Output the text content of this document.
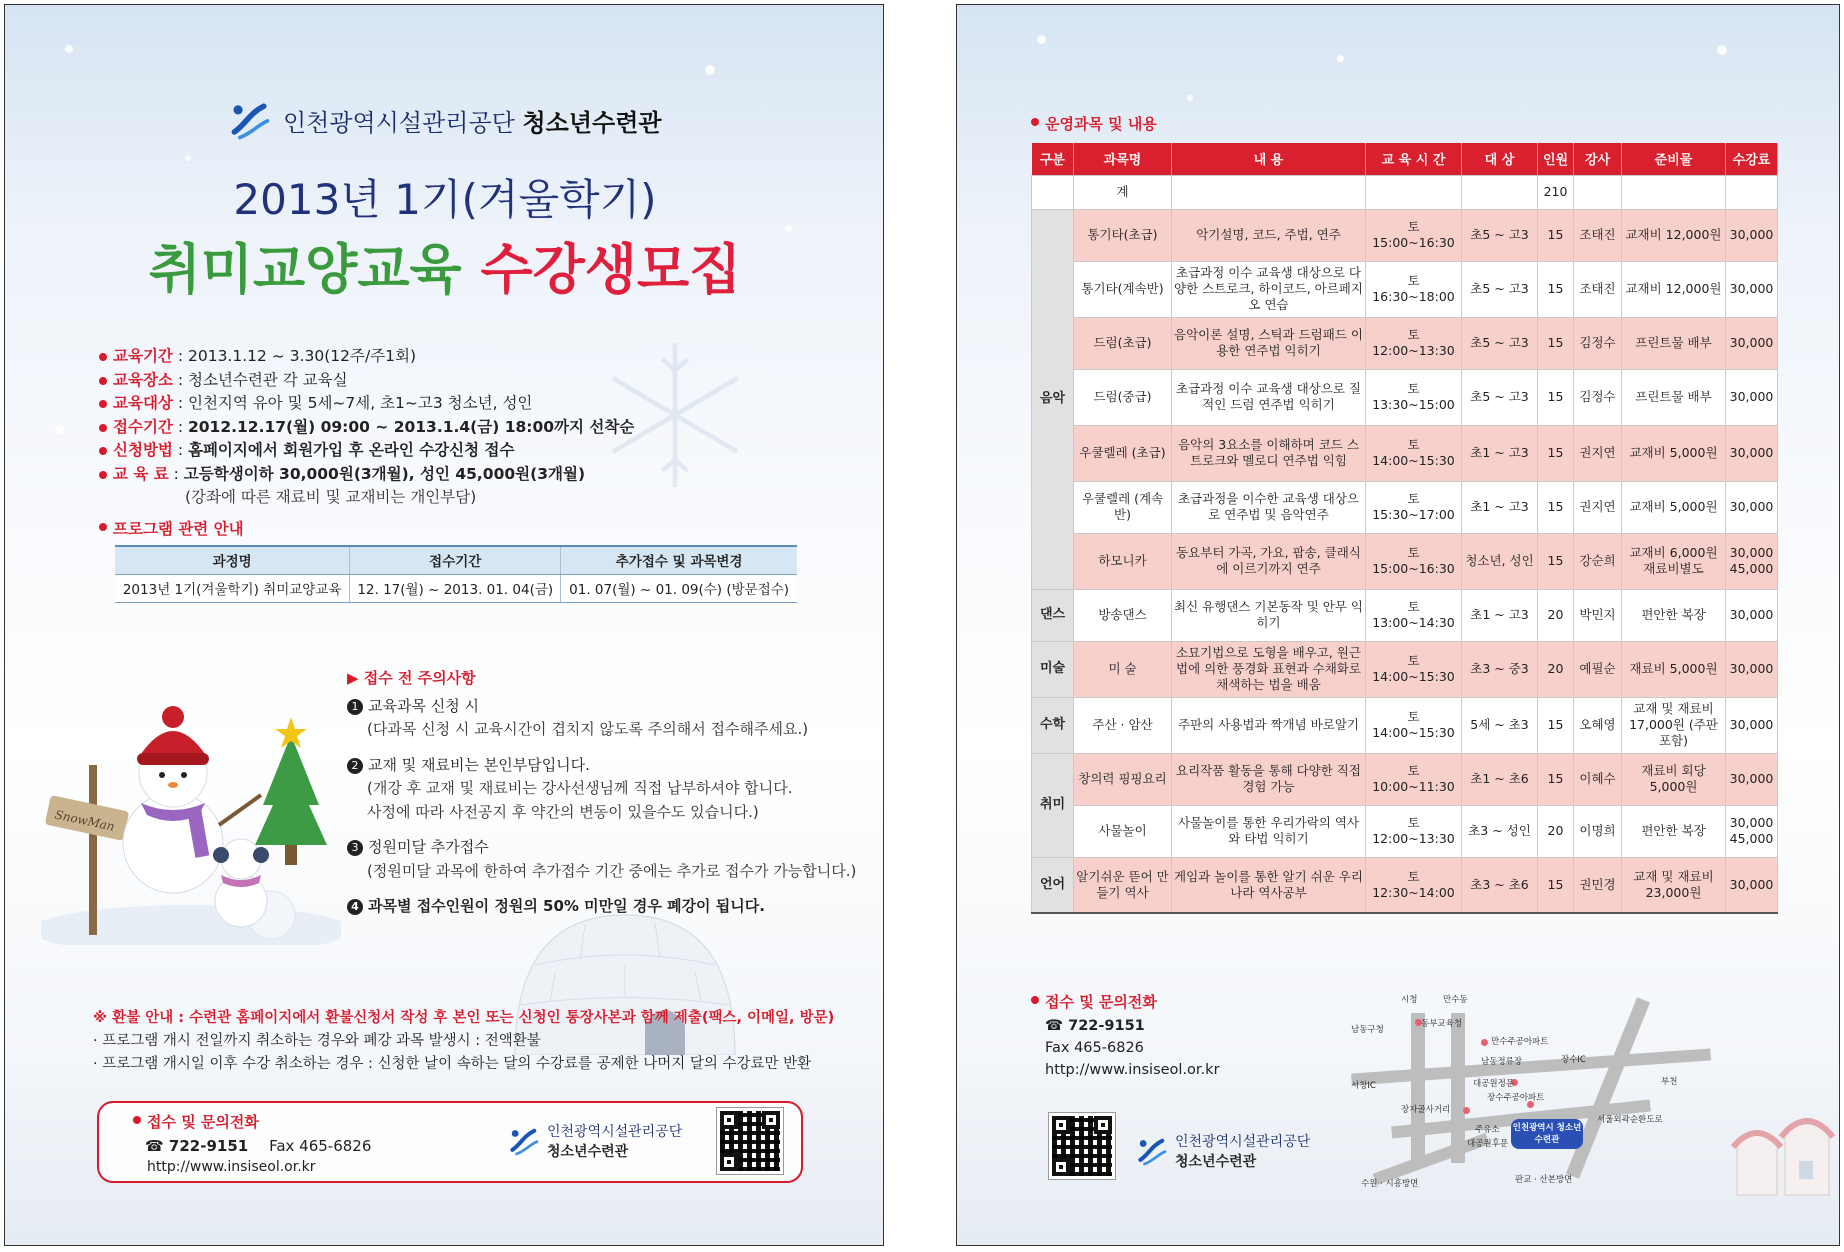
인천광역시설관리공단 청소년수련관
2013년 1기(겨울학기)
취미교양교육 수강생모집
교육기간 : 2013.1.12 ~ 3.30(12주/주1회)
교육장소 : 청소년수련관 각 교육실
교육대상 : 인천지역 유아 및 5세~7세, 초1~고3 청소년, 성인
접수기간 : 2012.12.17(월) 09:00 ~ 2013.1.4(금) 18:00까지 선착순
신청방법 : 홈페이지에서 회원가입 후 온라인 수강신청 접수
교 육 료 : 고등학생이하 30,000원(3개월), 성인 45,000원(3개월)
(강좌에 따른 재료비 및 교재비는 개인부담)
프로그램 관련 안내
과정명	접수기간	추가접수 및 과목변경
2013년 1기(겨울학기) 취미교양교육	12. 17(월) ~ 2013. 01. 04(금)	01. 07(월) ~ 01. 09(수) (방문접수)
SnowMan
▶ 접수 전 주의사항
1 교육과목 신청 시
(다과목 신청 시 교육시간이 겹치지 않도록 주의해서 접수해주세요.)
2 교재 및 재료비는 본인부담입니다.
(개강 후 교재 및 재료비는 강사선생님께 직접 납부하셔야 합니다.
사정에 따라 사전공지 후 약간의 변동이 있을수도 있습니다.)
3 정원미달 추가접수
(정원미달 과목에 한하여 추가접수 기간 중에는 추가로 접수가 가능합니다.)
4 과목별 접수인원이 정원의 50% 미만일 경우 폐강이 됩니다.
※ 환불 안내 : 수련관 홈페이지에서 환불신청서 작성 후 본인 또는 신청인 통장사본과 함께 제출(팩스, 이메일, 방문)
· 프로그램 개시 전일까지 취소하는 경우와 폐강 과목 발생시 : 전액환불
· 프로그램 개시일 이후 수강 취소하는 경우 : 신청한 날이 속하는 달의 수강료를 공제한 나머지 달의 수강료만 반환
접수 및 문의전화
☎ 722-9151 Fax 465-6826
http://www.insiseol.or.kr
인천광역시설관리공단
청소년수련관
운영과목 및 내용
구분	과목명	내 용	교 육 시 간	대 상	인원	강사	준비물	수강료
	계				210			
음악	통기타(초급)	악기설명, 코드, 주법, 연주	토
15:00~16:30	초5 ~ 고3	15	조태진	교재비 12,000원	30,000
	통기타(계속반)	초급과정 이수 교육생 대상으로 다양한 스트로크, 하이코드, 아르페지오 연습	토
16:30~18:00	초5 ~ 고3	15	조태진	교재비 12,000원	30,000
	드럼(초급)	음악이론 설명, 스틱과 드럼패드 이용한 연주법 익히기	토
12:00~13:30	초5 ~ 고3	15	김정수	프린트물 배부	30,000
	드럼(중급)	초급과정 이수 교육생 대상으로 질적인 드럼 연주법 익히기	토
13:30~15:00	초5 ~ 고3	15	김정수	프린트물 배부	30,000
	우쿨렐레 (초급)	음악의 3요소를 이해하며 코드 스트로크와 멜로디 연주법 익힘	토
14:00~15:30	초1 ~ 고3	15	권지연	교재비 5,000원	30,000
	우쿨렐레 (계속반)	초급과정을 이수한 교육생 대상으로 연주법 및 음악연주	토
15:30~17:00	초1 ~ 고3	15	권지연	교재비 5,000원	30,000
	하모니카	동요부터 가곡, 가요, 팝송, 클래식에 이르기까지 연주	토
15:00~16:30	청소년, 성인	15	강순희	교재비 6,000원 재료비별도	30,000 45,000
댄스	방송댄스	최신 유행댄스 기본동작 및 안무 익히기	토
13:00~14:30	초1 ~ 고3	20	박민지	편안한 복장	30,000
미술	미 술	소묘기법으로 도형을 배우고, 원근법에 의한 풍경화 표현과 수채화로 채색하는 법을 배움	토
14:00~15:30	초3 ~ 중3	20	예필순	재료비 5,000원	30,000
수학	주산 · 암산	주판의 사용법과 짝개념 바로알기	토
14:00~15:30	5세 ~ 초3	15	오혜영	교재 및 재료비 17,000원 (주판포함)	30,000
취미	창의력 핑핑요리	요리작품 활동을 통해 다양한 직접경험 가능	토
10:00~11:30	초1 ~ 초6	15	이혜수	재료비 회당 5,000원	30,000
	사물놀이	사물놀이를 통한 우리가락의 역사와 타법 익히기	토
12:00~13:30	초3 ~ 성인	20	이명희	편안한 복장	30,000 45,000
언어	알기쉬운 뜯어 만들기 역사	게임과 놀이를 통한 알기 쉬운 우리나라 역사공부	토
12:30~14:00	초3 ~ 초6	15	권민경	교재 및 재료비 23,000원	30,000
접수 및 문의전화
☎ 722-9151
Fax 465-6826
http://www.insiseol.or.kr
인천광역시설관리공단
청소년수련관
인천광역시 청소년수련관
시청	만수동
남동구청
동부교육청
만수주공아파트
남동정류장	장수IC
서창IC	대공원정문
장수주공아파트
장자골사거리
부천
주유소
대공원후문
서울외곽순환도로
수원 · 시흥방면	판교 · 산본방면
